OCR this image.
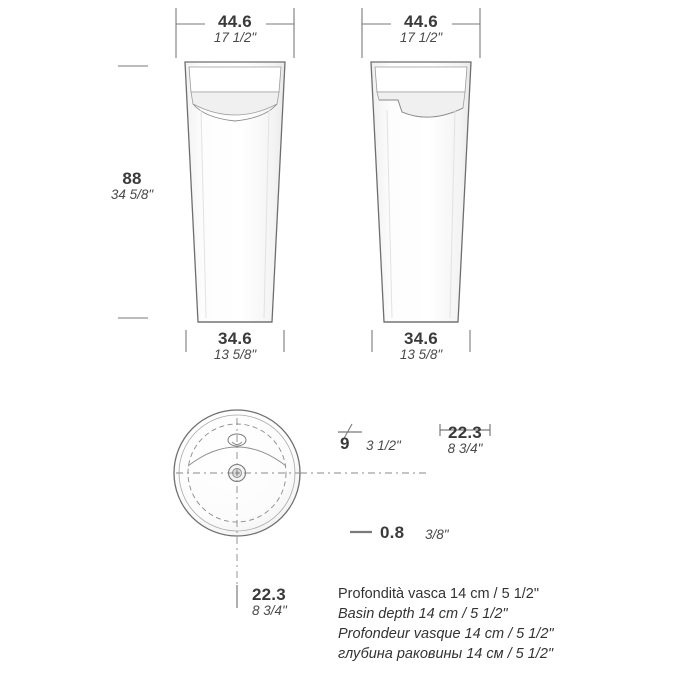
44.6
17 1/2"
44.6
17 1/2"
88
34 5/8"
34.6
13 5/8"
34.6
13 5/8"
9 3 1/2"
22.3
8 3/4"
0.8 3/8"
22.3
8 3/4"
Profondità vasca 14 cm / 5 1/2"
Basin depth 14 cm / 5 1/2"
Profondeur vasque 14 cm / 5 1/2"
глубина раковины 14 см / 5 1/2"
